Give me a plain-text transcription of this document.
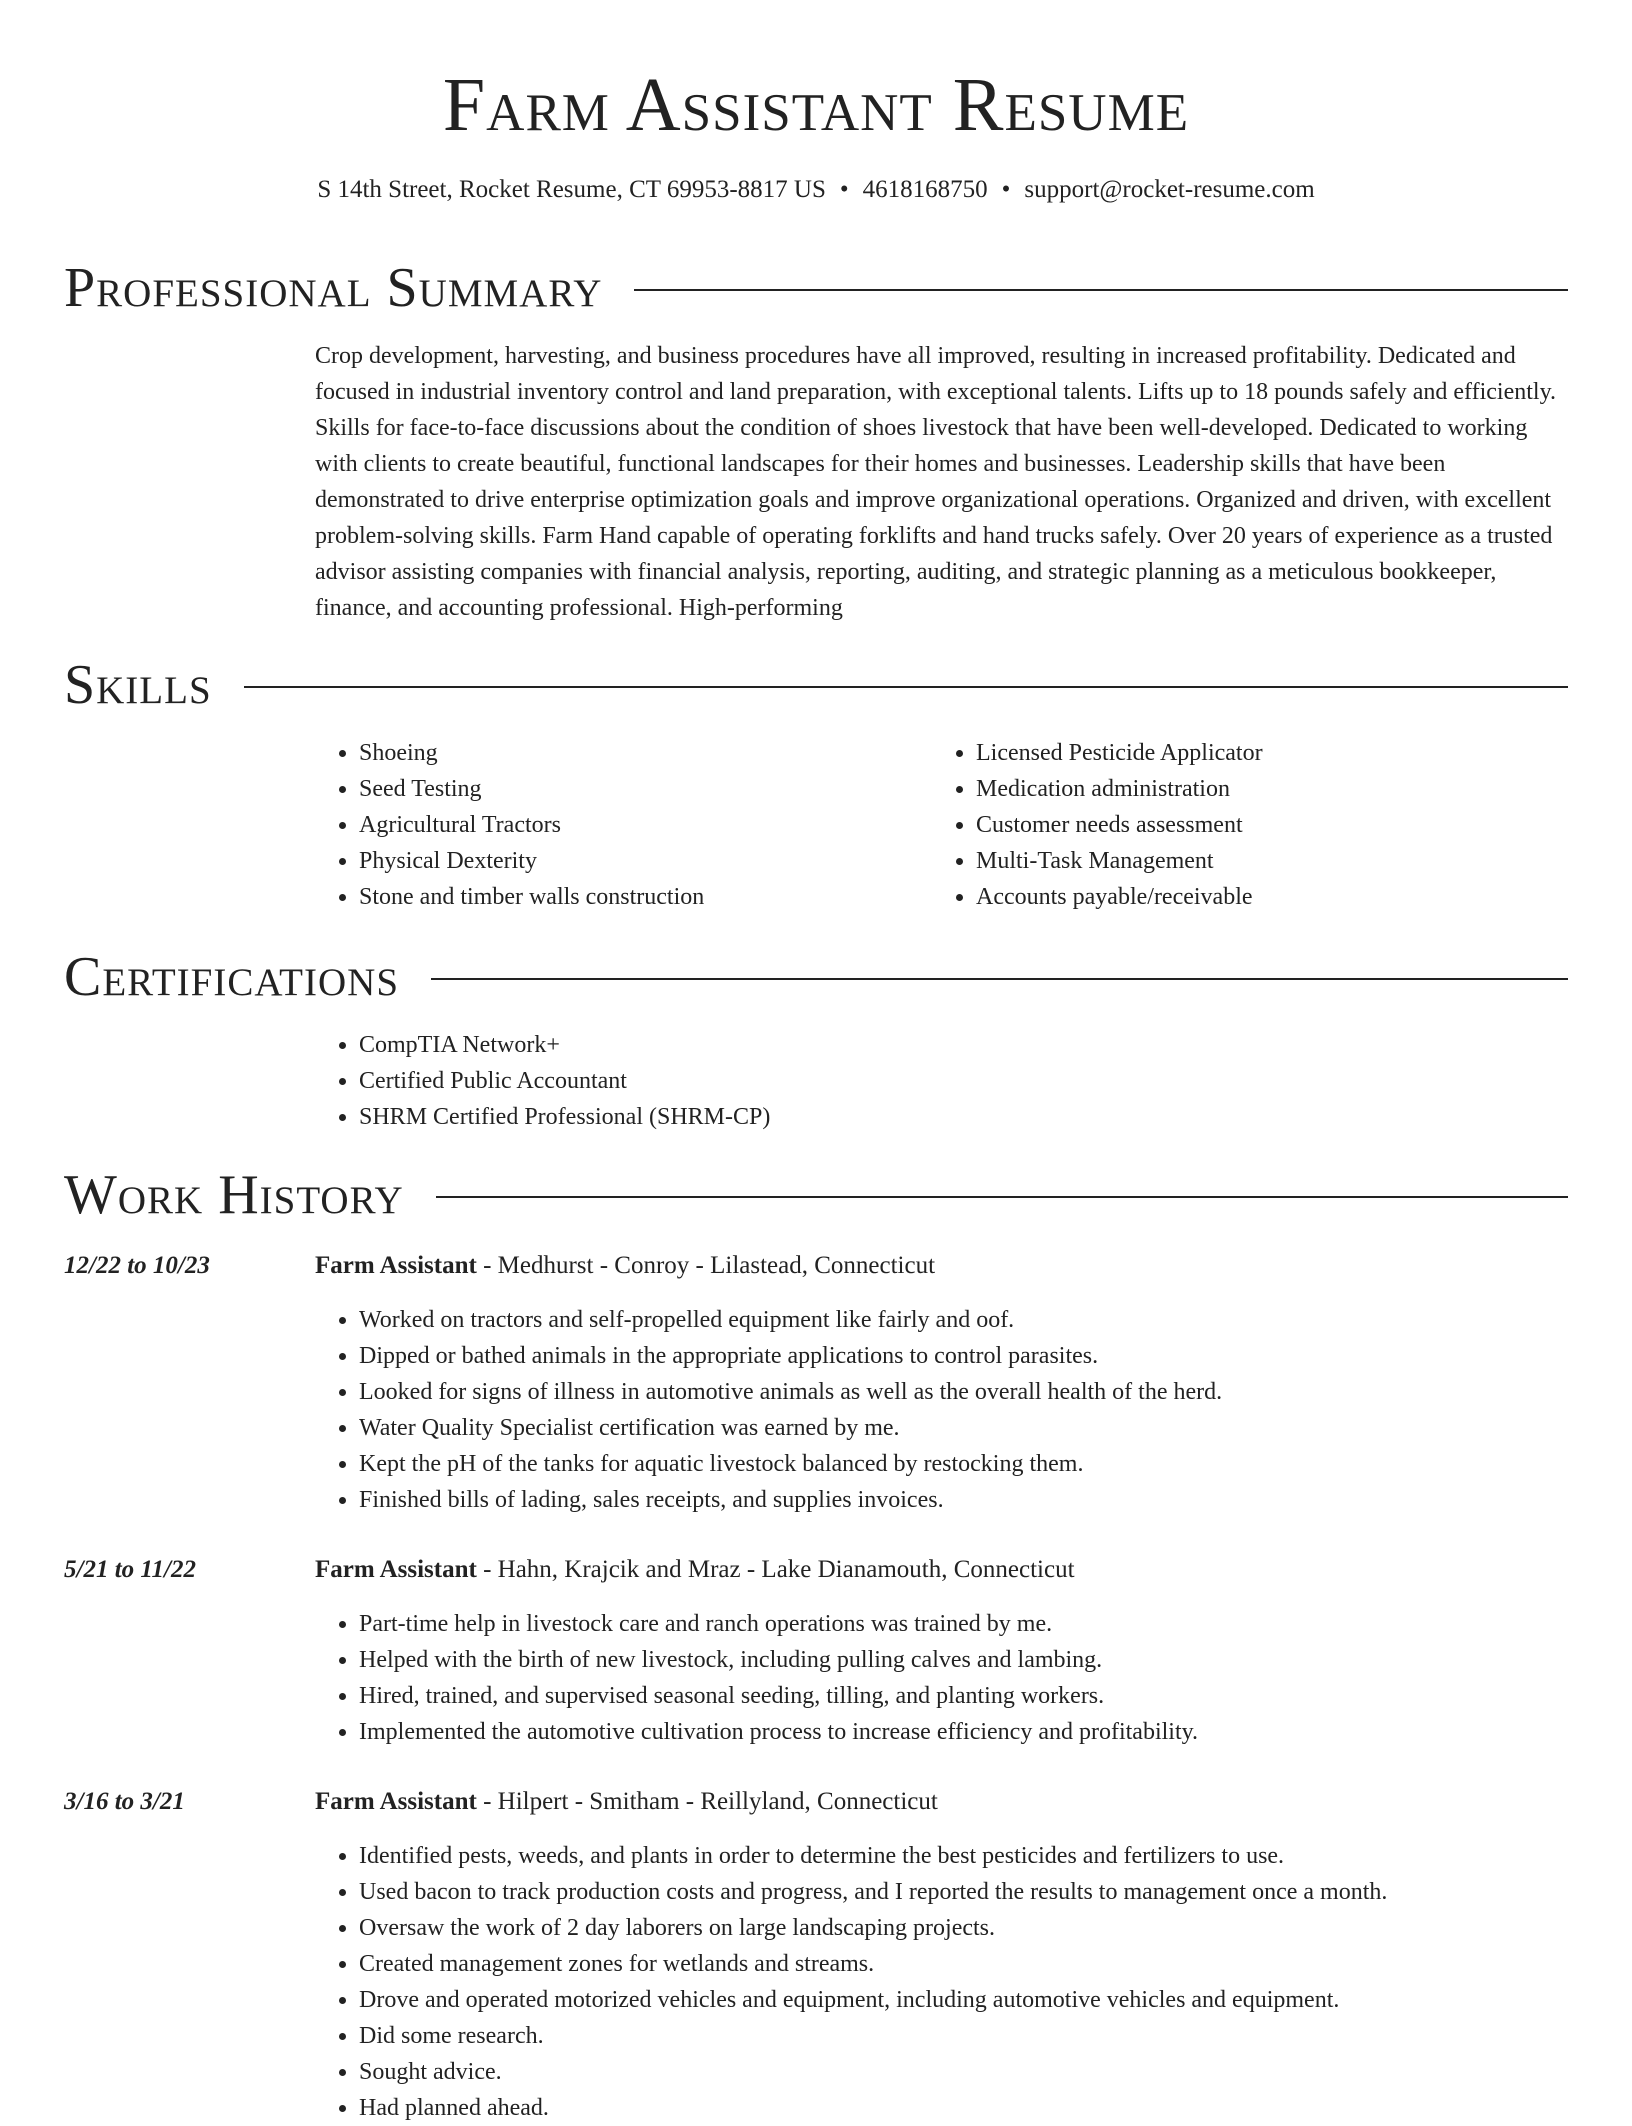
Farm Assistant Resume
S 14th Street, Rocket Resume, CT 69953-8817 US • 4618168750 • support@rocket-resume.com
Professional Summary

Crop development, harvesting, and business procedures have all improved, resulting in increased profitability. Dedicated and focused in industrial inventory control and land preparation, with exceptional talents. Lifts up to 18 pounds safely and efficiently. Skills for face-to-face discussions about the condition of shoes livestock that have been well-developed. Dedicated to working with clients to create beautiful, functional landscapes for their homes and businesses. Leadership skills that have been demonstrated to drive enterprise optimization goals and improve organizational operations. Organized and driven, with excellent problem-solving skills. Farm Hand capable of operating forklifts and hand trucks safely. Over 20 years of experience as a trusted advisor assisting companies with financial analysis, reporting, auditing, and strategic planning as a meticulous bookkeeper, finance, and accounting professional. High-performing

Skills
• Shoeing
• Seed Testing
• Agricultural Tractors
• Physical Dexterity
• Stone and timber walls construction
• Licensed Pesticide Applicator
• Medication administration
• Customer needs assessment
• Multi-Task Management
• Accounts payable/receivable
Certifications
• CompTIA Network+
• Certified Public Accountant
• SHRM Certified Professional (SHRM-CP)
Work History
12/22 to 10/23	Farm Assistant - Medhurst - Conroy - Lilastead, Connecticut
• Worked on tractors and self-propelled equipment like fairly and oof.
• Dipped or bathed animals in the appropriate applications to control parasites.
• Looked for signs of illness in automotive animals as well as the overall health of the herd.
• Water Quality Specialist certification was earned by me.
• Kept the pH of the tanks for aquatic livestock balanced by restocking them.
• Finished bills of lading, sales receipts, and supplies invoices.
5/21 to 11/22	Farm Assistant - Hahn, Krajcik and Mraz - Lake Dianamouth, Connecticut
• Part-time help in livestock care and ranch operations was trained by me.
• Helped with the birth of new livestock, including pulling calves and lambing.
• Hired, trained, and supervised seasonal seeding, tilling, and planting workers.
• Implemented the automotive cultivation process to increase efficiency and profitability.
3/16 to 3/21	Farm Assistant - Hilpert - Smitham - Reillyland, Connecticut
• Identified pests, weeds, and plants in order to determine the best pesticides and fertilizers to use.
• Used bacon to track production costs and progress, and I reported the results to management once a month.
• Oversaw the work of 2 day laborers on large landscaping projects.
• Created management zones for wetlands and streams.
• Drove and operated motorized vehicles and equipment, including automotive vehicles and equipment.
• Did some research.
• Sought advice.
• Had planned ahead.
